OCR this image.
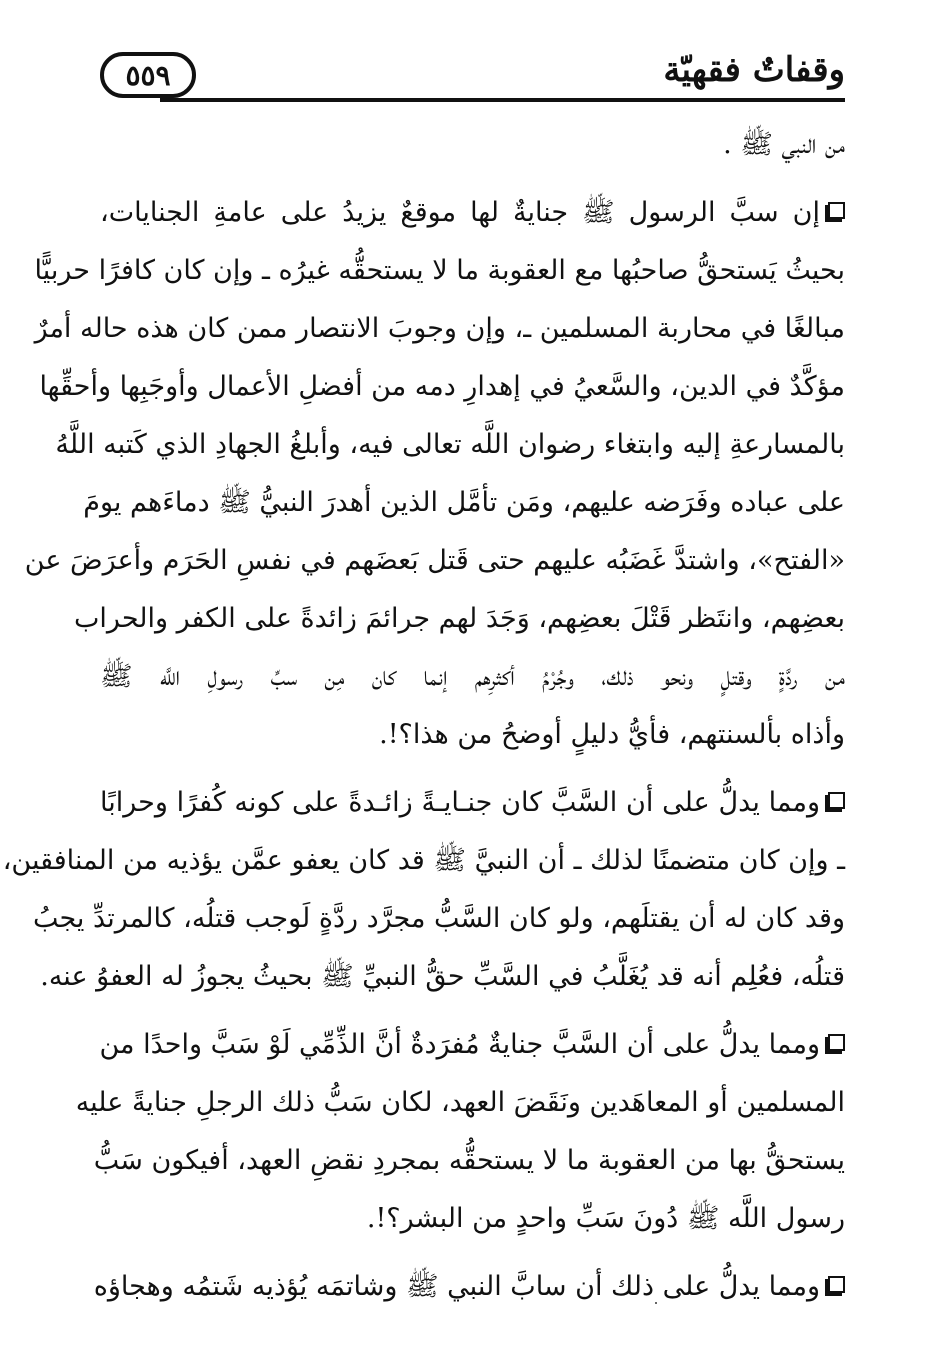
وقفاتٌ فقهيّة
٥٥٩
من النبي ﷺ .
إن سبَّ الرسول ﷺ جنايةٌ لها موقعٌ يزيدُ على عامةِ الجنايات،
بحيثُ يَستحقُّ صاحبُها مع العقوبة ما لا يستحقُّه غيرُه ـ وإن كان كافرًا حربيًّا
مبالغًا في محاربة المسلمين ـ، وإن وجوبَ الانتصار ممن كان هذه حاله أمرٌ
مؤكَّدٌ في الدين، والسَّعيُ في إهدارِ دمه من أفضلِ الأعمال وأوجَبِها وأحقِّها
بالمسارعةِ إليه وابتغاء رضوان اللَّه تعالى فيه، وأبلغُ الجهادِ الذي كَتبه اللَّهُ
على عباده وفَرَضه عليهم، ومَن تأمَّل الذين أهدرَ النبيُّ ﷺ دماءَهم يومَ
«الفتح»، واشتدَّ غَضَبُه عليهم حتى قَتل بَعضَهم في نفسِ الحَرَم وأعرَضَ عن
بعضِهم، وانتَظر قَتْلَ بعضِهم، وَجَدَ لهم جرائمَ زائدةً على الكفر والحراب
من ردَّةٍ وقتلٍ ونحو ذلك، وجُرْمُ أكثرِهم إنما كان مِن سبِّ رسولِ اللَّه ﷺ
وأذاه بألسنتهم، فأيُّ دليلٍ أوضحُ من هذا؟!.
ومما يدلُّ على أن السَّبَّ كان جنـايـةً زائـدةً على كونه كُفرًا وحرابًا
ـ وإن كان متضمنًا لذلك ـ أن النبيَّ ﷺ قد كان يعفو عمَّن يؤذيه من المنافقين،
وقد كان له أن يقتلَهم، ولو كان السَّبُّ مجرَّد ردَّةٍ لَوجب قتلُه، كالمرتدِّ يجبُ
قتلُه، فعُلِم أنه قد يُغَلَّبُ في السَّبِّ حقُّ النبيِّ ﷺ بحيثُ يجوزُ له العفوُ عنه.
ومما يدلُّ على أن السَّبَّ جنايةٌ مُفرَدةٌ أنَّ الذِّمِّي لَوْ سَبَّ واحدًا من
المسلمين أو المعاهَدين ونَقَضَ العهد، لكان سَبُّ ذلك الرجلِ جنايةً عليه
يستحقُّ بها من العقوبة ما لا يستحقُّه بمجردِ نقضِ العهد، أفيكون سَبُّ
رسول اللَّه ﷺ دُونَ سَبِّ واحدٍ من البشر؟!.
ومما يدلُّ على ذلك أن سابَّ النبي ﷺ وشاتمَه يُؤذيه شَتمُه وهجاؤه
